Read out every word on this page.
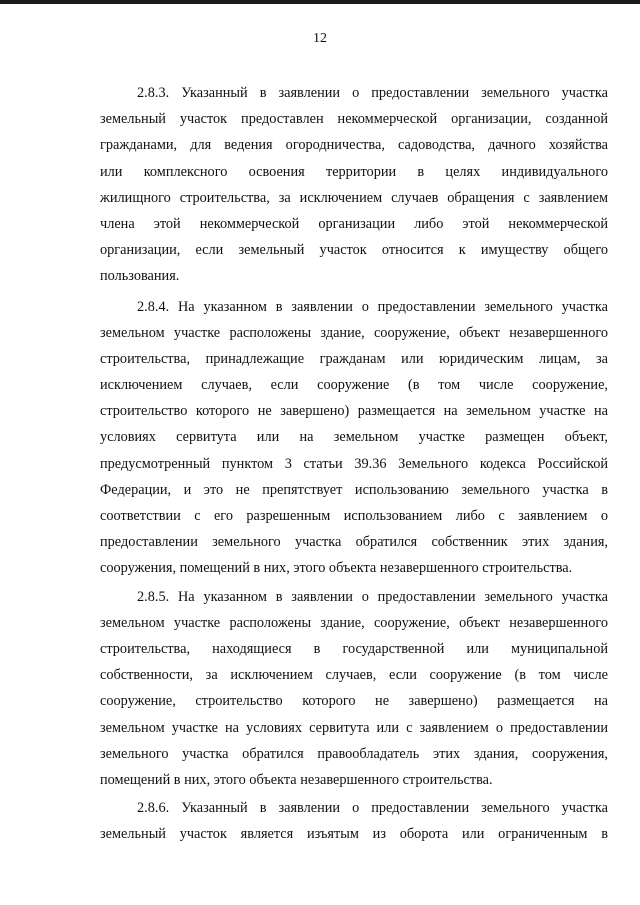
12
2.8.3. Указанный в заявлении о предоставлении земельного участка
земельный участок предоставлен некоммерческой организации, созданной
гражданами, для ведения огородничества, садоводства, дачного хозяйства
или комплексного освоения территории в целях индивидуального
жилищного строительства, за исключением случаев обращения с заявлением
члена этой некоммерческой организации либо этой некоммерческой
организации, если земельный участок относится к имуществу общего
пользования.
2.8.4. На указанном в заявлении о предоставлении земельного участка
земельном участке расположены здание, сооружение, объект незавершенного
строительства, принадлежащие гражданам или юридическим лицам, за
исключением случаев, если сооружение (в том числе сооружение,
строительство которого не завершено) размещается на земельном участке на
условиях сервитута или на земельном участке размещен объект,
предусмотренный пунктом 3 статьи 39.36 Земельного кодекса Российской
Федерации, и это не препятствует использованию земельного участка в
соответствии с его разрешенным использованием либо с заявлением о
предоставлении земельного участка обратился собственник этих здания,
сооружения, помещений в них, этого объекта незавершенного строительства.
2.8.5. На указанном в заявлении о предоставлении земельного участка
земельном участке расположены здание, сооружение, объект незавершенного
строительства, находящиеся в государственной или муниципальной
собственности, за исключением случаев, если сооружение (в том числе
сооружение, строительство которого не завершено) размещается на
земельном участке на условиях сервитута или с заявлением о предоставлении
земельного участка обратился правообладатель этих здания, сооружения,
помещений в них, этого объекта незавершенного строительства.
2.8.6. Указанный в заявлении о предоставлении земельного участка
земельный участок является изъятым из оборота или ограниченным в
